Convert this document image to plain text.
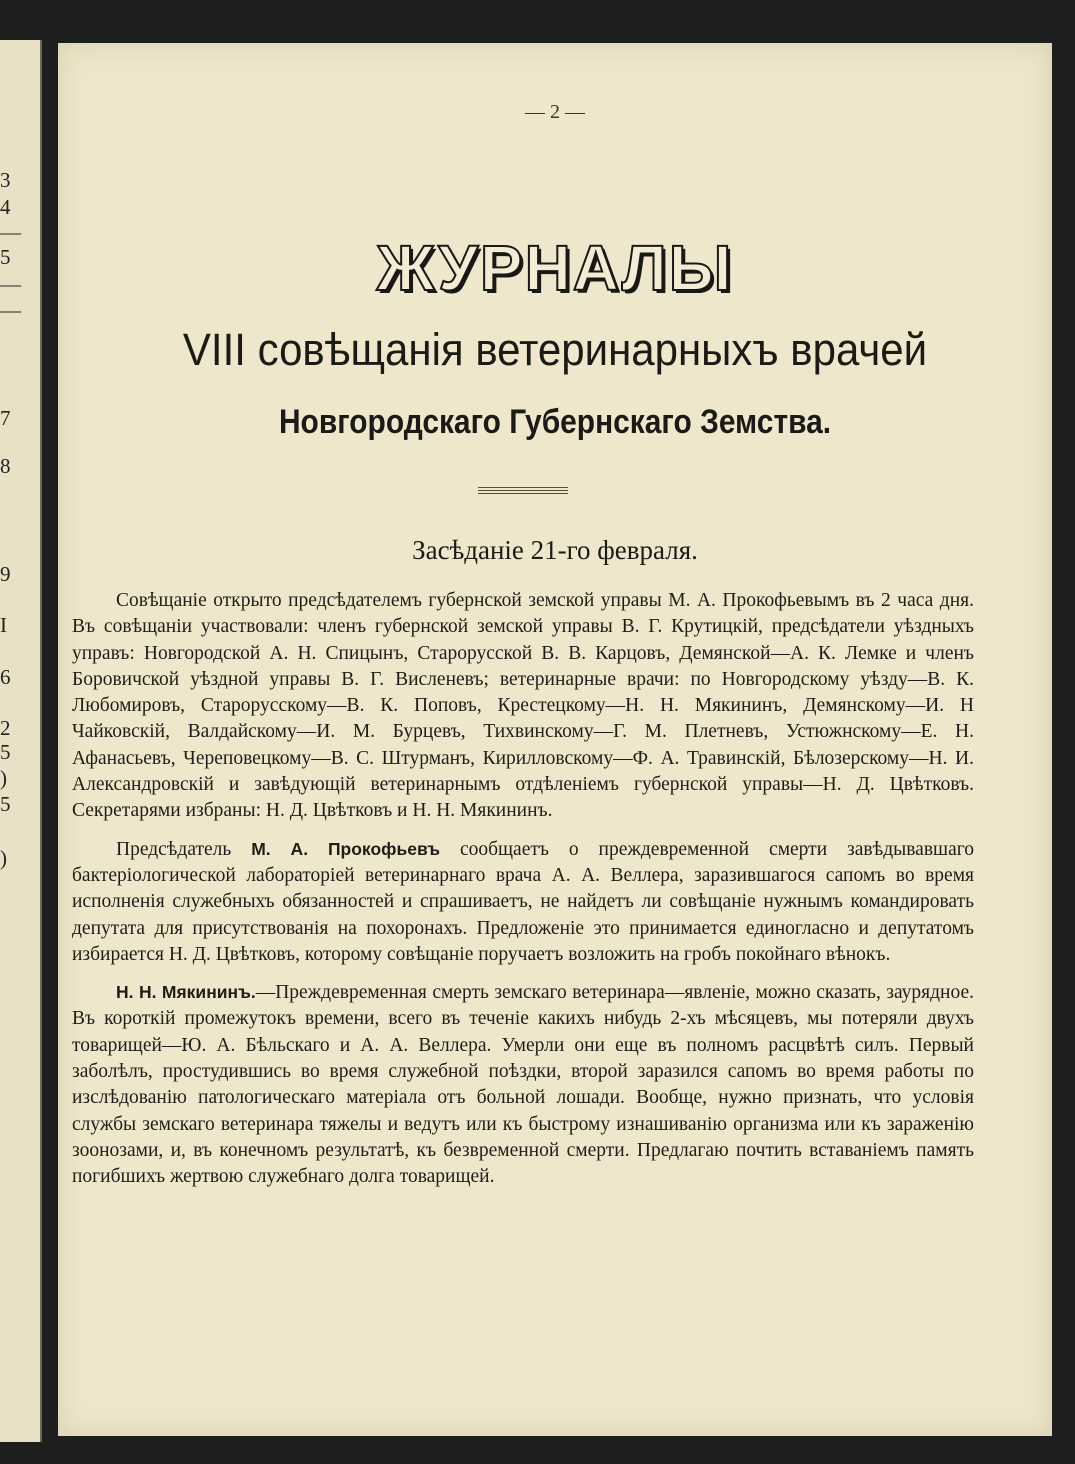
3
4
—
5
—
—
7
8
9
I
6
2
5
)
5
)
— 2 —
ЖУРНАЛЫ
VIII совѣщанія ветеринарныхъ врачей
Новгородскаго Губернскаго Земства.
Засѣданіе 21-го февраля.

Совѣщаніе открыто предсѣдателемъ губернской земской управы М. А. Прокофьевымъ въ 2 часа дня. Въ совѣщаніи участвовали: членъ губернской земской управы В. Г. Крутицкій, предсѣдатели уѣздныхъ управъ: Новгородской А. Н. Спицынъ, Старорусской В. В. Карцовъ, Демянской—А. К. Лемке и членъ Боровичской уѣздной управы В. Г. Висленевъ; ветеринарные врачи: по Новгородскому уѣзду—В. К. Любомировъ, Старорусскому—В. К. Поповъ, Крестецкому—Н. Н. Мякининъ, Демянскому—И. Н Чайковскій, Валдайскому—И. М. Бурцевъ, Тихвинскому—Г. М. Плетневъ, Устюжнскому—Е. Н. Афанасьевъ, Череповецкому—В. С. Штурманъ, Кирилловскому—Ф. А. Травинскій, Бѣлозерскому—Н. И. Александровскій и завѣдующій ветеринарнымъ отдѣленіемъ губернской управы—Н. Д. Цвѣтковъ. Секретарями избраны: Н. Д. Цвѣтковъ и Н. Н. Мякининъ.

Предсѣдатель М. А. Прокофьевъ сообщаетъ о преждевременной смерти завѣдывавшаго бактеріологической лабораторіей ветеринарнаго врача А. А. Веллера, заразившагося сапомъ во время исполненія служебныхъ обязанностей и спрашиваетъ, не найдетъ ли совѣщаніе нужнымъ командировать депутата для присутствованія на похоронахъ. Предложеніе это принимается единогласно и депутатомъ избирается Н. Д. Цвѣтковъ, которому совѣщаніе поручаетъ возложить на гробъ покойнаго вѣнокъ.

Н. Н. Мякининъ.—Преждевременная смерть земскаго ветеринара—явленіе, можно сказать, заурядное. Въ короткій промежутокъ времени, всего въ теченіе какихъ нибудь 2-хъ мѣсяцевъ, мы потеряли двухъ товарищей—Ю. А. Бѣльскаго и А. А. Веллера. Умерли они еще въ полномъ расцвѣтѣ силъ. Первый заболѣлъ, простудившись во время служебной поѣздки, второй заразился сапомъ во время работы по изслѣдованію патологическаго матеріала отъ больной лошади. Вообще, нужно признать, что условія службы земскаго ветеринара тяжелы и ведутъ или къ быстрому изнашиванію организма или къ зараженію зоонозами, и, въ конечномъ результатѣ, къ безвременной смерти. Предлагаю почтить вставаніемъ память погибшихъ жертвою служебнаго долга товарищей.
